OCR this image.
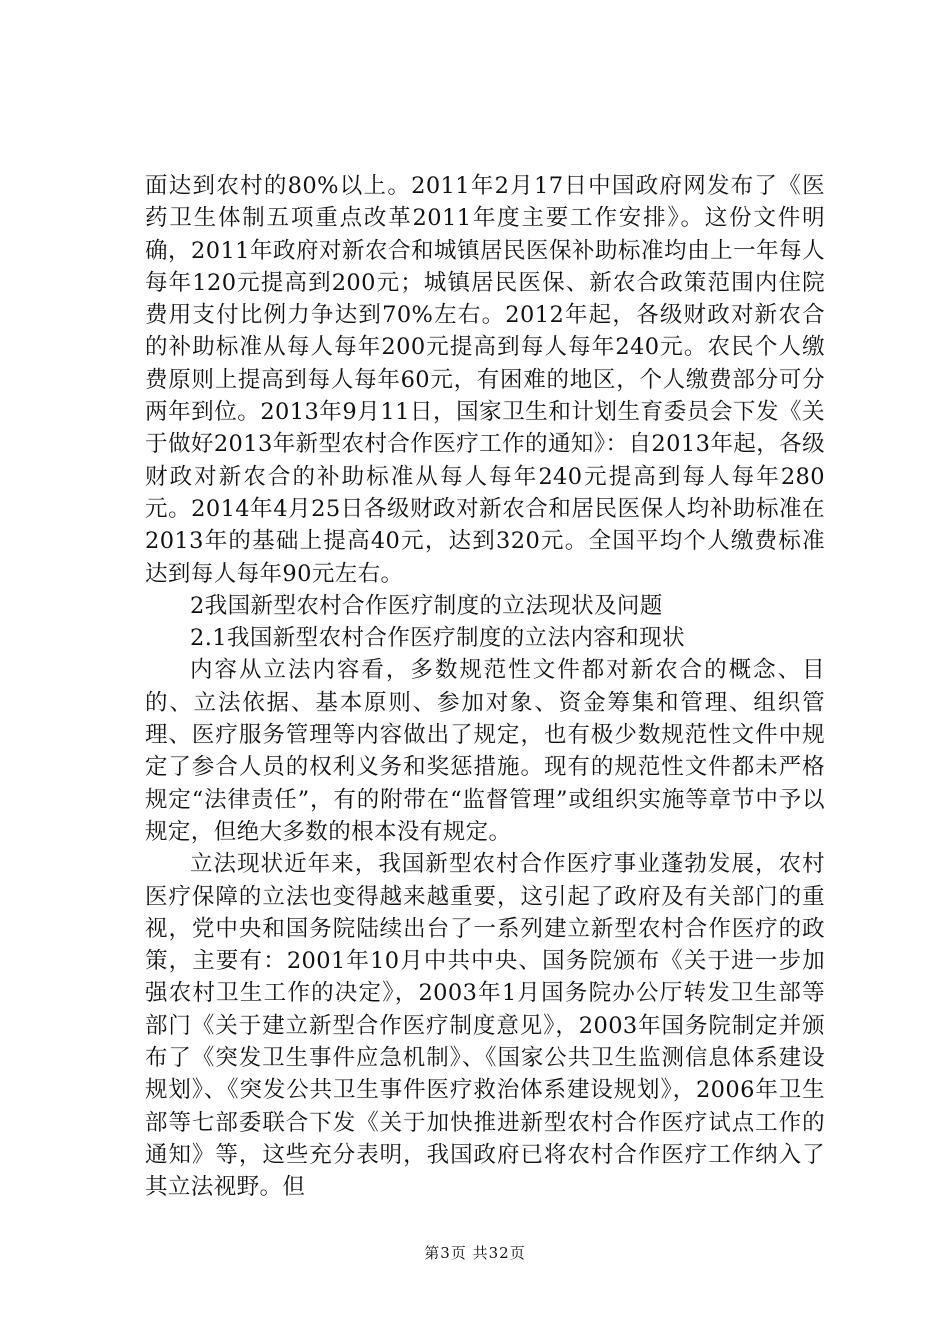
面达到农村的80%以上。2011年2月17日中国政府网发布了《医药卫生体制五项重点改革2011年度主要工作安排》。这份文件明确，2011年政府对新农合和城镇居民医保补助标准均由上一年每人每年120元提高到200元；城镇居民医保、新农合政策范围内住院费用支付比例力争达到70%左右。2012年起，各级财政对新农合的补助标准从每人每年200元提高到每人每年240元。农民个人缴费原则上提高到每人每年60元，有困难的地区，个人缴费部分可分两年到位。2013年9月11日，国家卫生和计划生育委员会下发《关于做好2013年新型农村合作医疗工作的通知》：自2013年起，各级财政对新农合的补助标准从每人每年240元提高到每人每年280元。2014年4月25日各级财政对新农合和居民医保人均补助标准在2013年的基础上提高40元，达到320元。全国平均个人缴费标准达到每人每年90元左右。

2我国新型农村合作医疗制度的立法现状及问题

2.1我国新型农村合作医疗制度的立法内容和现状

内容从立法内容看，多数规范性文件都对新农合的概念、目的、立法依据、基本原则、参加对象、资金筹集和管理、组织管理、医疗服务管理等内容做出了规定，也有极少数规范性文件中规定了参合人员的权利义务和奖惩措施。现有的规范性文件都未严格规定“法律责任”，有的附带在“监督管理”或组织实施等章节中予以规定，但绝大多数的根本没有规定。

立法现状近年来，我国新型农村合作医疗事业蓬勃发展，农村医疗保障的立法也变得越来越重要，这引起了政府及有关部门的重视，党中央和国务院陆续出台了一系列建立新型农村合作医疗的政策，主要有：2001年10月中共中央、国务院颁布《关于进一步加强农村卫生工作的决定》，2003年1月国务院办公厅转发卫生部等部门《关于建立新型合作医疗制度意见》，2003年国务院制定并颁布了《突发卫生事件应急机制》、《国家公共卫生监测信息体系建设规划》、《突发公共卫生事件医疗救治体系建设规划》，2006年卫生部等七部委联合下发《关于加快推进新型农村合作医疗试点工作的通知》等，这些充分表明，我国政府已将农村合作医疗工作纳入了其立法视野。但

第3页 共32页
